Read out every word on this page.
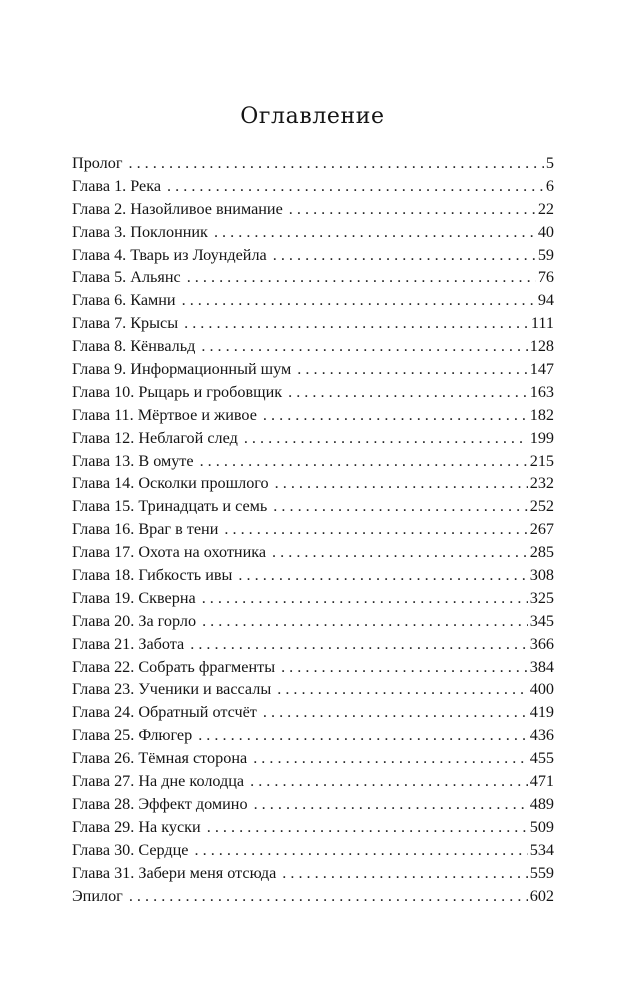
Оглавление
Пролог . . .	5
Глава 1. Река . . .	6
Глава 2. Назойливое внимание . . .	22
Глава 3. Поклонник . . .	40
Глава 4. Тварь из Лоундейла . . .	59
Глава 5. Альянс . . .	76
Глава 6. Камни . . .	94
Глава 7. Крысы . . .	111
Глава 8. Кёнвальд . . .	128
Глава 9. Информационный шум . . .	147
Глава 10. Рыцарь и гробовщик . . .	163
Глава 11. Мёртвое и живое . . .	182
Глава 12. Неблагой след . . .	199
Глава 13. В омуте . . .	215
Глава 14. Осколки прошлого . . .	232
Глава 15. Тринадцать и семь . . .	252
Глава 16. Враг в тени . . .	267
Глава 17. Охота на охотника . . .	285
Глава 18. Гибкость ивы . . .	308
Глава 19. Скверна . . .	325
Глава 20. За горло . . .	345
Глава 21. Забота . . .	366
Глава 22. Собрать фрагменты . . .	384
Глава 23. Ученики и вассалы . . .	400
Глава 24. Обратный отсчёт . . .	419
Глава 25. Флюгер . . .	436
Глава 26. Тёмная сторона . . .	455
Глава 27. На дне колодца . . .	471
Глава 28. Эффект домино . . .	489
Глава 29. На куски . . .	509
Глава 30. Сердце . . .	534
Глава 31. Забери меня отсюда . . .	559
Эпилог . . .	602
